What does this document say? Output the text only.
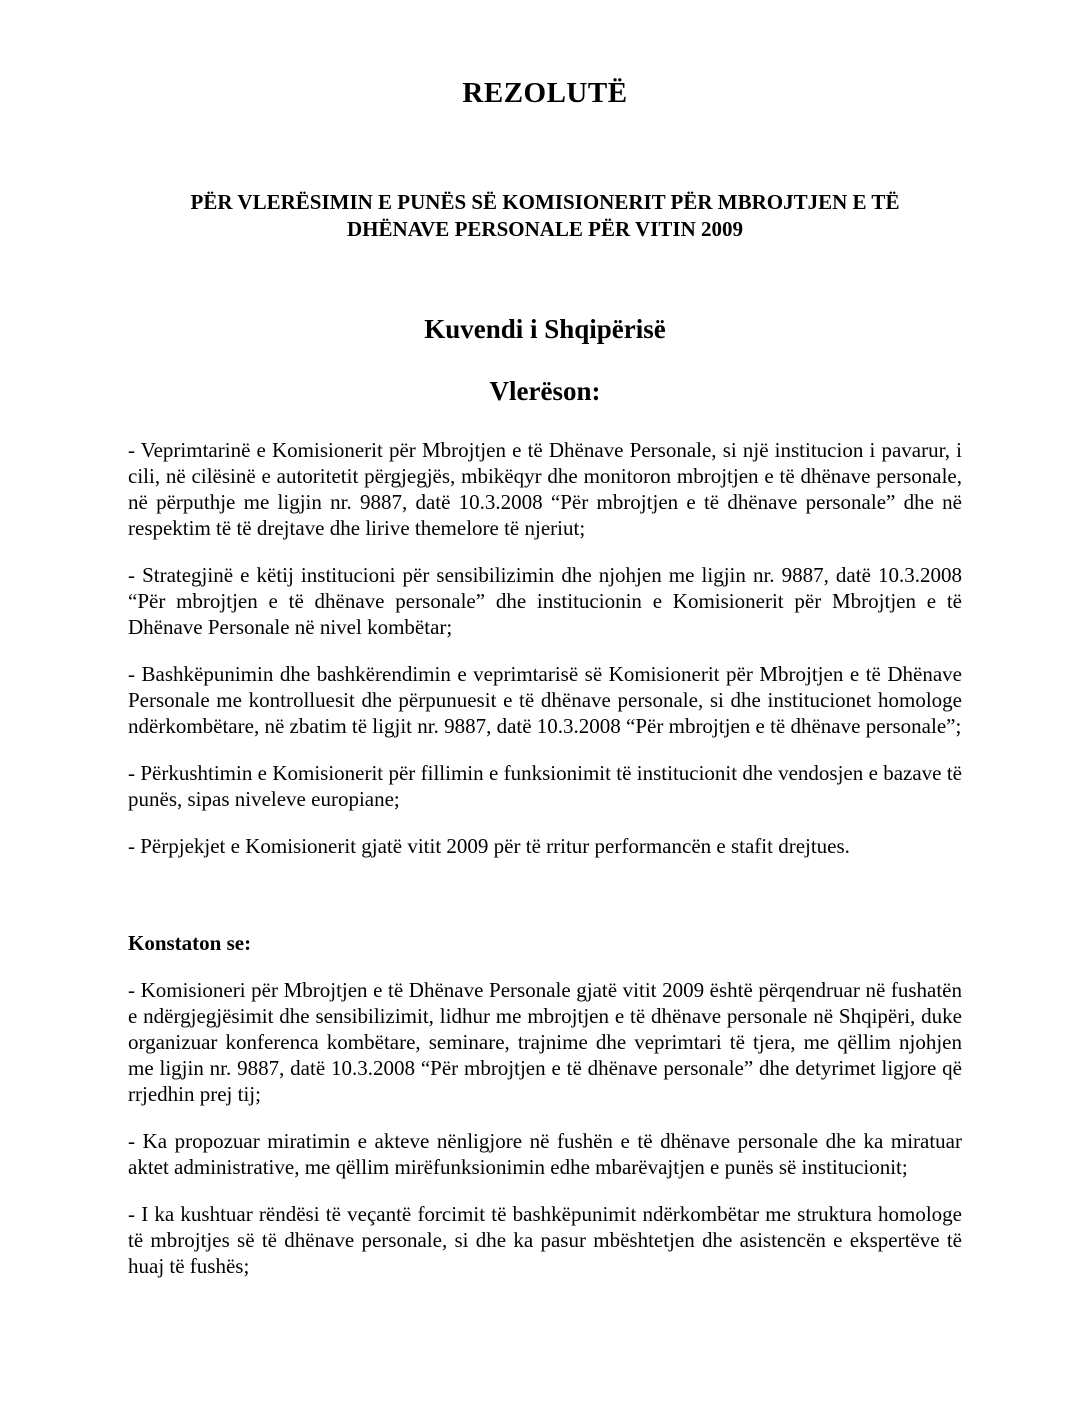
REZOLUTË
PËR VLERËSIMIN E PUNËS SË KOMISIONERIT PËR MBROJTJEN E TË DHËNAVE PERSONALE PËR VITIN 2009
Kuvendi i Shqipërisë
Vlerëson:

- Veprimtarinë e Komisionerit për Mbrojtjen e të Dhënave Personale, si një institucion i pavarur, i cili, në cilësinë e autoritetit përgjegjës, mbikëqyr dhe monitoron mbrojtjen e të dhënave personale, në përputhje me ligjin nr. 9887, datë 10.3.2008 “Për mbrojtjen e të dhënave personale” dhe në respektim të të drejtave dhe lirive themelore të njeriut;

- Strategjinë e këtij institucioni për sensibilizimin dhe njohjen me ligjin nr. 9887, datë 10.3.2008 “Për mbrojtjen e të dhënave personale” dhe institucionin e Komisionerit për Mbrojtjen e të Dhënave Personale në nivel kombëtar;

- Bashkëpunimin dhe bashkërendimin e veprimtarisë së Komisionerit për Mbrojtjen e të Dhënave Personale me kontrolluesit dhe përpunuesit e të dhënave personale, si dhe institucionet homologe ndërkombëtare, në zbatim të ligjit nr. 9887, datë 10.3.2008 “Për mbrojtjen e të dhënave personale”;

- Përkushtimin e Komisionerit për fillimin e funksionimit të institucionit dhe vendosjen e bazave të punës, sipas niveleve europiane;

- Përpjekjet e Komisionerit gjatë vitit 2009 për të rritur performancën e stafit drejtues.

Konstaton se:

- Komisioneri për Mbrojtjen e të Dhënave Personale gjatë vitit 2009 është përqendruar në fushatën e ndërgjegjësimit dhe sensibilizimit, lidhur me mbrojtjen e të dhënave personale në Shqipëri, duke organizuar konferenca kombëtare, seminare, trajnime dhe veprimtari të tjera, me qëllim njohjen me ligjin nr. 9887, datë 10.3.2008 “Për mbrojtjen e të dhënave personale” dhe detyrimet ligjore që rrjedhin prej tij;

- Ka propozuar miratimin e akteve nënligjore në fushën e të dhënave personale dhe ka miratuar aktet administrative, me qëllim mirëfunksionimin edhe mbarëvajtjen e punës së institucionit;

- I ka kushtuar rëndësi të veçantë forcimit të bashkëpunimit ndërkombëtar me struktura homologe të mbrojtjes së të dhënave personale, si dhe ka pasur mbështetjen dhe asistencën e ekspertëve të huaj të fushës;
